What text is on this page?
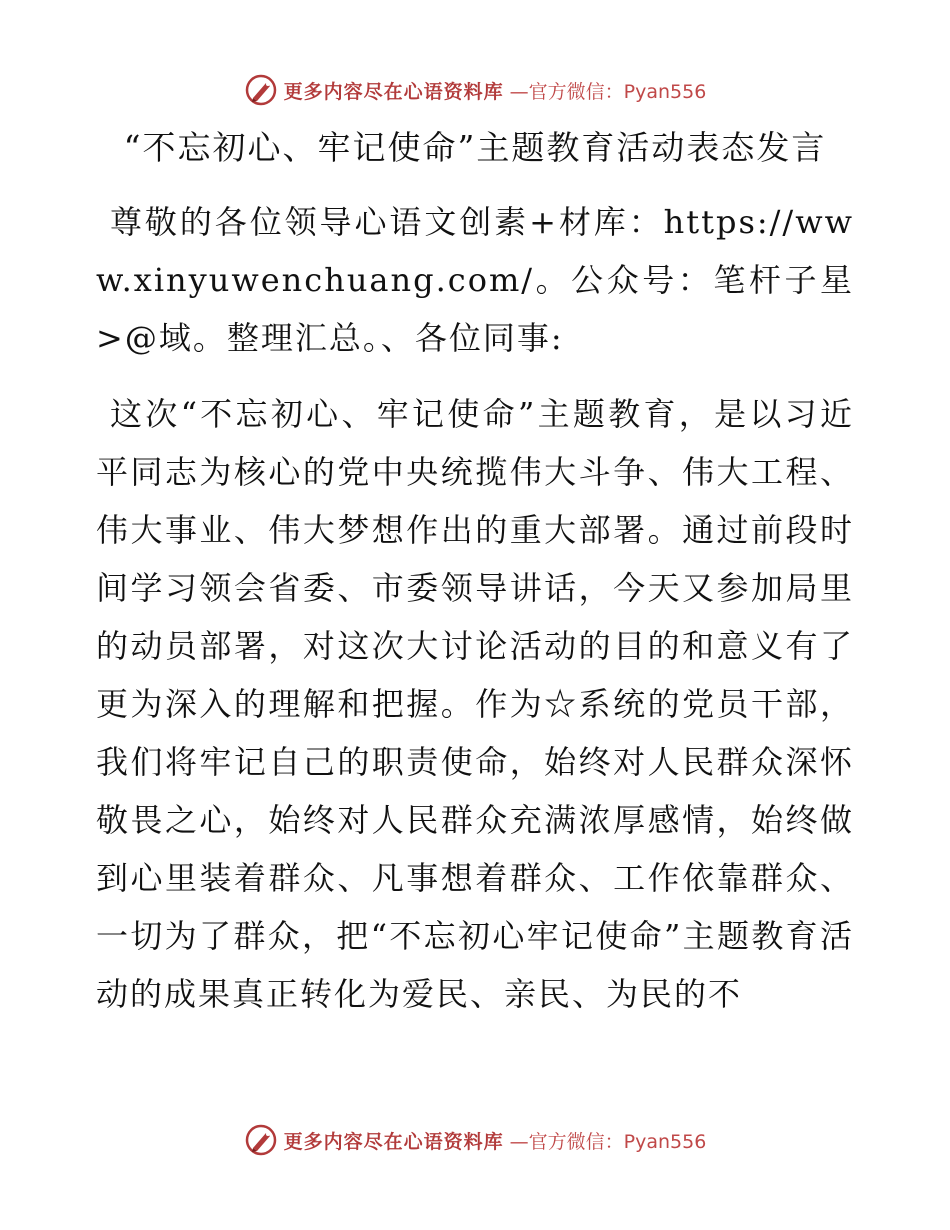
更多内容尽在心语资料库 —官方微信：Pyan556
“不忘初心、牢记使命”主题教育活动表态发言

尊敬的各位领导心语文创素+材库：https://www.xinyuwenchuang.com/。公众号：笔杆子星>@域。整理汇总。、各位同事:

这次“不忘初心、牢记使命”主题教育，是以习近平同志为核心的党中央统揽伟大斗争、伟大工程、伟大事业、伟大梦想作出的重大部署。通过前段时间学习领会省委、市委领导讲话，今天又参加局里的动员部署，对这次大讨论活动的目的和意义有了更为深入的理解和把握。作为☆系统的党员干部，我们将牢记自己的职责使命，始终对人民群众深怀敬畏之心，始终对人民群众充满浓厚感情，始终做到心里装着群众、凡事想着群众、工作依靠群众、一切为了群众，把“不忘初心牢记使命”主题教育活动的成果真正转化为爱民、亲民、为民的不

更多内容尽在心语资料库 —官方微信：Pyan556
